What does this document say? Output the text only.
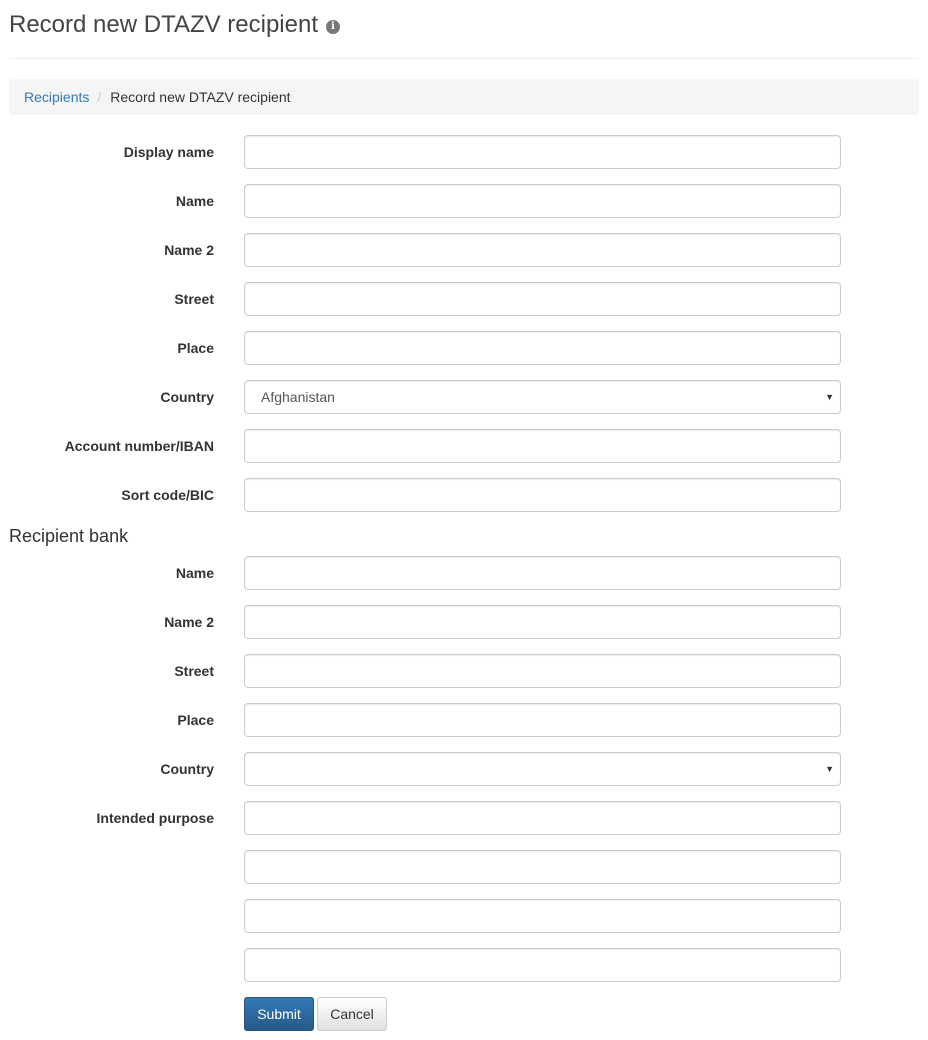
Record new DTAZV recipient i
Recipients / Record new DTAZV recipient
Display name
Name
Name 2
Street
Place
Country	Afghanistan	▼
Account number/IBAN
Sort code/BIC
Recipient bank
Name
Name 2
Street
Place
Country	▼
Intended purpose
Submit	Cancel
